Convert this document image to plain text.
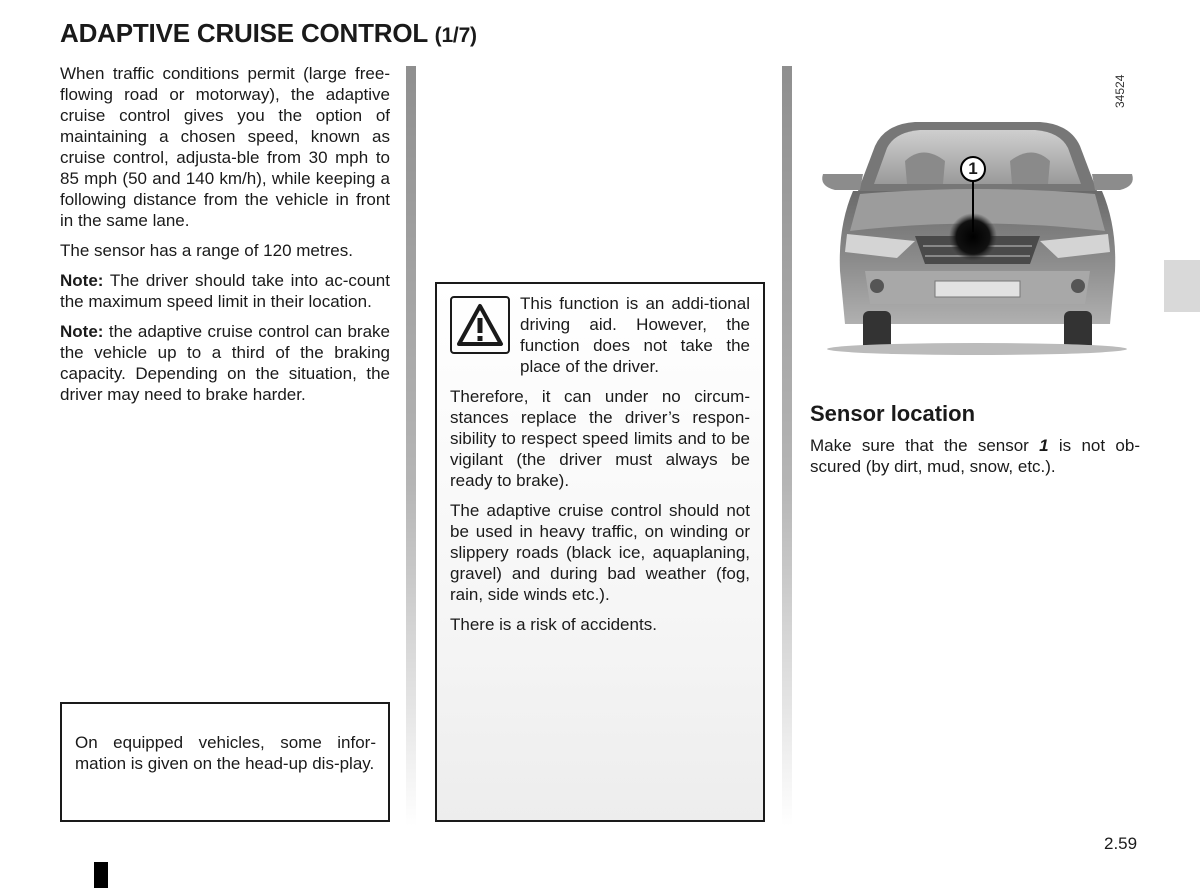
ADAPTIVE CRUISE CONTROL (1/7)

When traffic conditions permit (large free-flowing road or motorway), the adaptive cruise control gives you the option of maintaining a chosen speed, known as cruise control, adjusta-ble from 30 mph to 85 mph (50 and 140 km/h), while keeping a following distance from the vehicle in front in the same lane.

The sensor has a range of 120 metres.

Note: The driver should take into ac-count the maximum speed limit in their location.

Note: the adaptive cruise control can brake the vehicle up to a third of the braking capacity. Depending on the situation, the driver may need to brake harder.

On equipped vehicles, some infor-mation is given on the head-up dis-play.
This function is an addi-tional driving aid. However, the function does not take the place of the driver.

Therefore, it can under no circum-stances replace the driver’s respon-sibility to respect speed limits and to be vigilant (the driver must always be ready to brake).

The adaptive cruise control should not be used in heavy traffic, on winding or slippery roads (black ice, aquaplaning, gravel) and during bad weather (fog, rain, side winds etc.).

There is a risk of accidents.

1
34524
Sensor location

Make sure that the sensor 1 is not ob-scured (by dirt, mud, snow, etc.).

2.59
